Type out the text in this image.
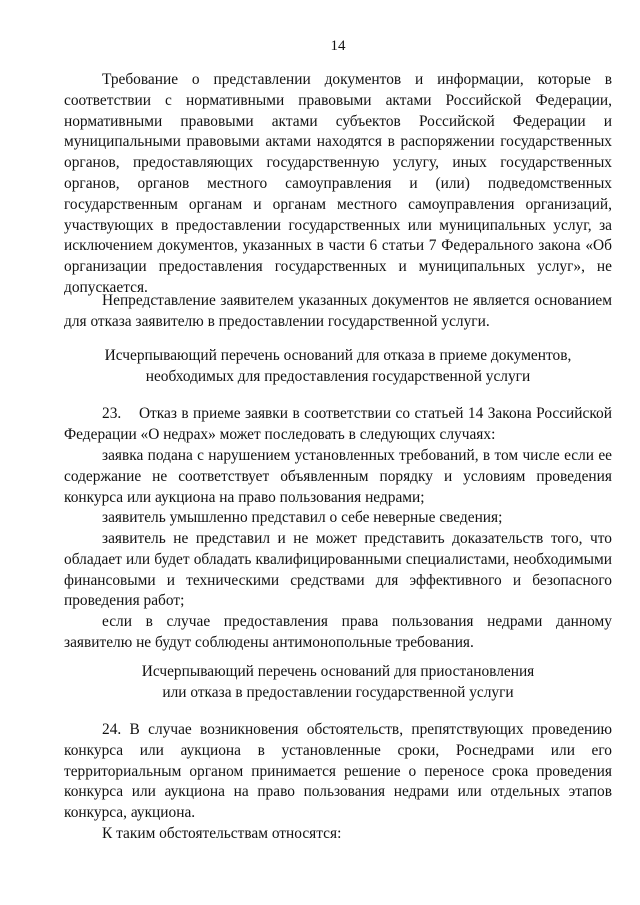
14

Требование о представлении документов и информации, которые в соответствии с нормативными правовыми актами Российской Федерации, нормативными правовыми актами субъектов Российской Федерации и муниципальными правовыми актами находятся в распоряжении государственных органов, предоставляющих государственную услугу, иных государственных органов, органов местного самоуправления и (или) подведомственных государственным органам и органам местного самоуправления организаций, участвующих в предоставлении государственных или муниципальных услуг, за исключением документов, указанных в части 6 статьи 7 Федерального закона «Об организации предоставления государственных и муниципальных услуг», не допускается.

Непредставление заявителем указанных документов не является основанием для отказа заявителю в предоставлении государственной услуги.

Исчерпывающий перечень оснований для отказа в приеме документов,

необходимых для предоставления государственной услуги

23.    Отказ в приеме заявки в соответствии со статьей 14 Закона Российской Федерации «О недрах» может последовать в следующих случаях:

заявка подана с нарушением установленных требований, в том числе если ее содержание не соответствует объявленным порядку и условиям проведения конкурса или аукциона на право пользования недрами;

заявитель умышленно представил о себе неверные сведения;

заявитель не представил и не может представить доказательств того, что обладает или будет обладать квалифицированными специалистами, необходимыми финансовыми и техническими средствами для эффективного и безопасного проведения работ;

если в случае предоставления права пользования недрами данному заявителю не будут соблюдены антимонопольные требования.

Исчерпывающий перечень оснований для приостановления

или отказа в предоставлении государственной услуги

24. В случае возникновения обстоятельств, препятствующих проведению конкурса или аукциона в установленные сроки, Роснедрами или его территориальным органом принимается решение о переносе срока проведения конкурса или аукциона на право пользования недрами или отдельных этапов конкурса, аукциона.

К таким обстоятельствам относятся:
